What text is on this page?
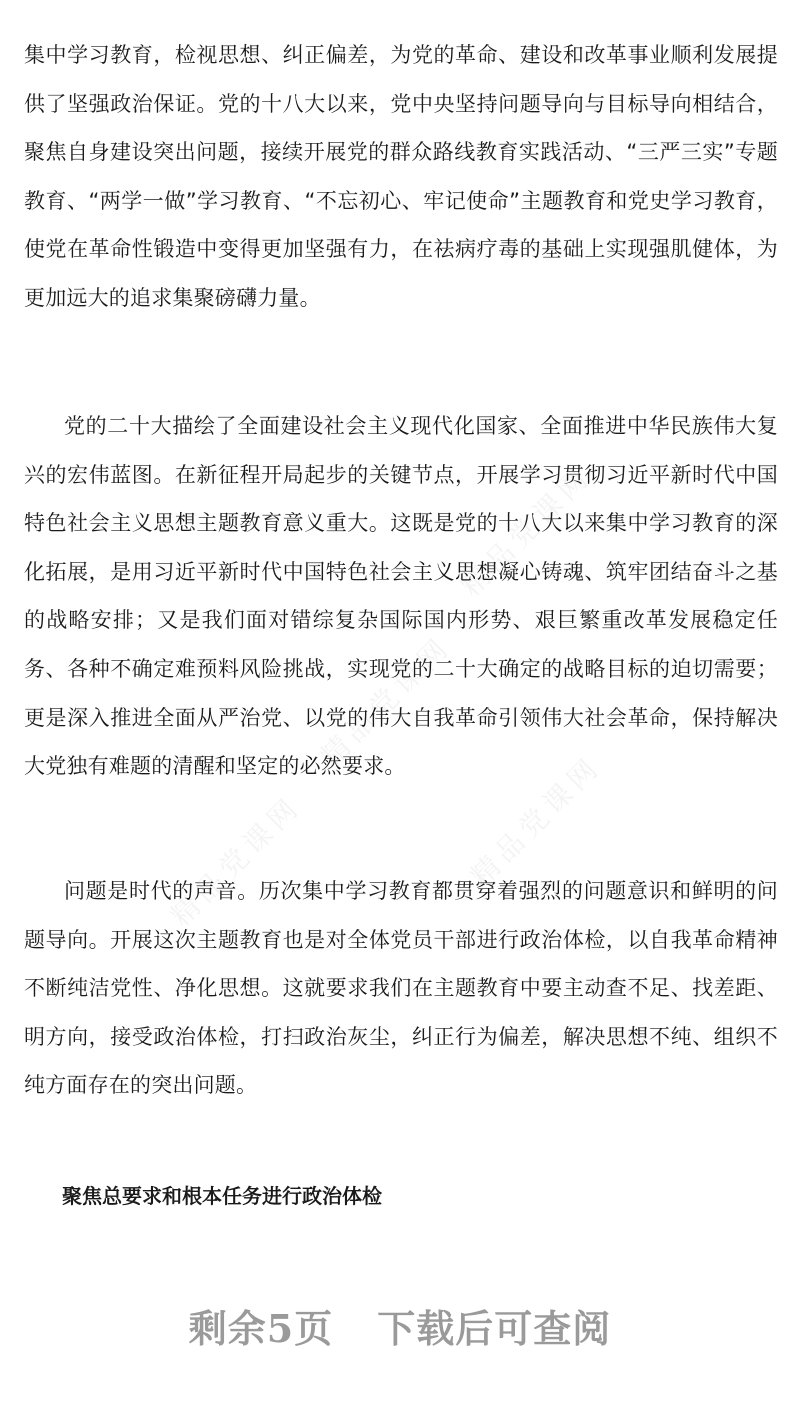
精品党课网
精品党课网
精品党课网
精品党课网

集中学习教育，检视思想、纠正偏差，为党的革命、建设和改革事业顺利发展提供了坚强政治保证。党的十八大以来，党中央坚持问题导向与目标导向相结合，聚焦自身建设突出问题，接续开展党的群众路线教育实践活动、“三严三实”专题教育、“两学一做”学习教育、“不忘初心、牢记使命”主题教育和党史学习教育，使党在革命性锻造中变得更加坚强有力，在祛病疗毒的基础上实现强肌健体，为更加远大的追求集聚磅礴力量。

党的二十大描绘了全面建设社会主义现代化国家、全面推进中华民族伟大复兴的宏伟蓝图。在新征程开局起步的关键节点，开展学习贯彻习近平新时代中国特色社会主义思想主题教育意义重大。这既是党的十八大以来集中学习教育的深化拓展，是用习近平新时代中国特色社会主义思想凝心铸魂、筑牢团结奋斗之基的战略安排；又是我们面对错综复杂国际国内形势、艰巨繁重改革发展稳定任务、各种不确定难预料风险挑战，实现党的二十大确定的战略目标的迫切需要；更是深入推进全面从严治党、以党的伟大自我革命引领伟大社会革命，保持解决大党独有难题的清醒和坚定的必然要求。

问题是时代的声音。历次集中学习教育都贯穿着强烈的问题意识和鲜明的问题导向。开展这次主题教育也是对全体党员干部进行政治体检，以自我革命精神不断纯洁党性、净化思想。这就要求我们在主题教育中要主动查不足、找差距、明方向，接受政治体检，打扫政治灰尘，纠正行为偏差，解决思想不纯、组织不纯方面存在的突出问题。

聚焦总要求和根本任务进行政治体检

剩余5页 下载后可查阅
